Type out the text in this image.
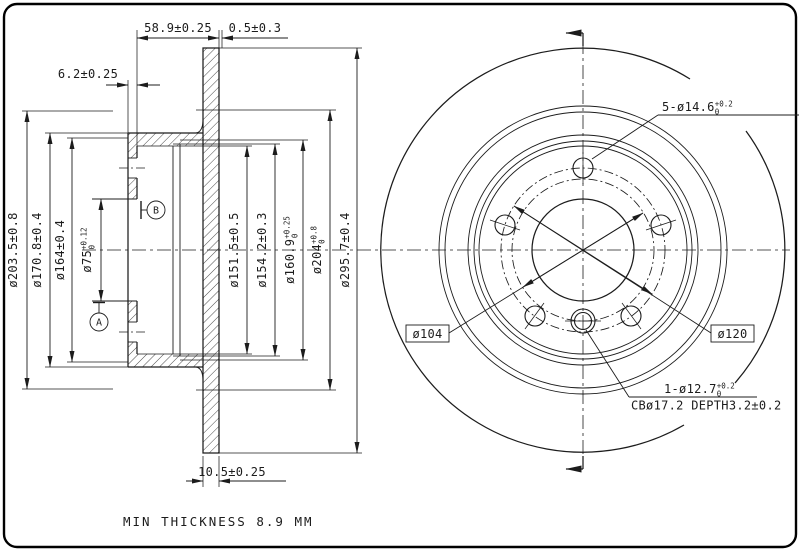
A
B
ø203.5±0.8 ø170.8±0.4 ø164±0.4 $ø75^{+0.12}0$	ø151.5±0.5 ø154.2±0.3 $ø160.9^{+0.25}0$
$ø204^{+0.8}0$ ø295.7±0.4
58.9±0.25 0.5±0.3
6.2±0.25
10.5±0.25
ø104	ø120
$5-ø14.6^{+0.2}$ 0
$1-ø12.7^{+0.2}$ 0
CBø17.2 DEPTH3.2±0.2
MIN THICKNESS 8.9 MM
